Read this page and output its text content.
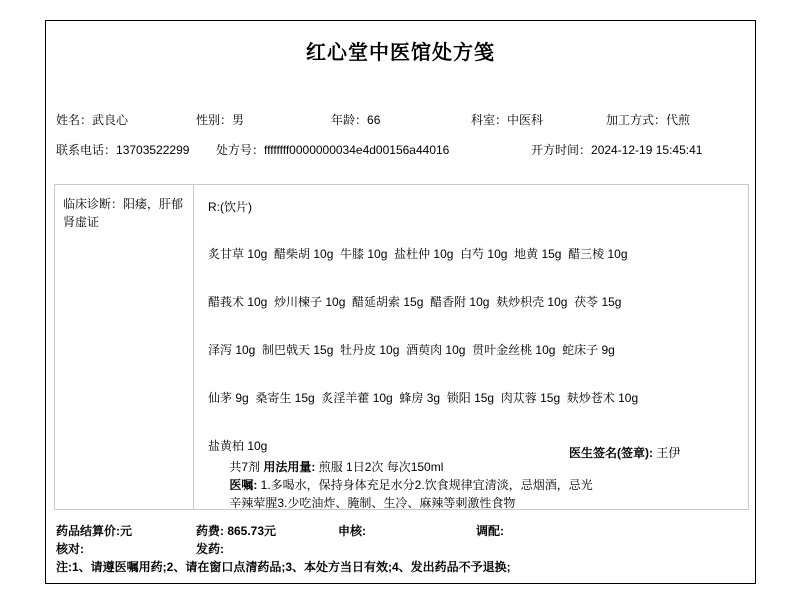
红心堂中医馆处方笺
姓名：武良心	性别：男	年龄：66	科室：中医科	加工方式：代煎
联系电话：13703522299 处方号：ffffffff0000000034e4d00156a44016	开方时间：2024-12-19 15:45:41
临床诊断：阳痿，肝郁肾虚证
R:(饮片)
炙甘草 10g  醋柴胡 10g  牛膝 10g  盐杜仲 10g  白芍 10g  地黄 15g  醋三棱 10g
醋莪术 10g  炒川楝子 10g  醋延胡索 15g  醋香附 10g  麸炒枳壳 10g  茯苓 15g
泽泻 10g  制巴戟天 15g  牡丹皮 10g  酒萸肉 10g  贯叶金丝桃 10g  蛇床子 9g
仙茅 9g  桑寄生 15g  炙淫羊藿 10g  蜂房 3g  锁阳 15g  肉苁蓉 15g  麸炒苍术 10g
盐黄柏 10g

共7剂 用法用量: 煎服 1日2次 每次150ml

医生签名(签章): 王伊

医嘱: 1.多喝水，保持身体充足水分2.饮食规律宜清淡，忌烟酒，忌光

辛辣荤腥3.少吃油炸、腌制、生冷、麻辣等刺激性食物

药品结算价:元	药费: 865.73元	申核:	调配:
核对:	发药:
注:1、请遵医嘱用药;2、请在窗口点清药品;3、本处方当日有效;4、发出药品不予退换;
